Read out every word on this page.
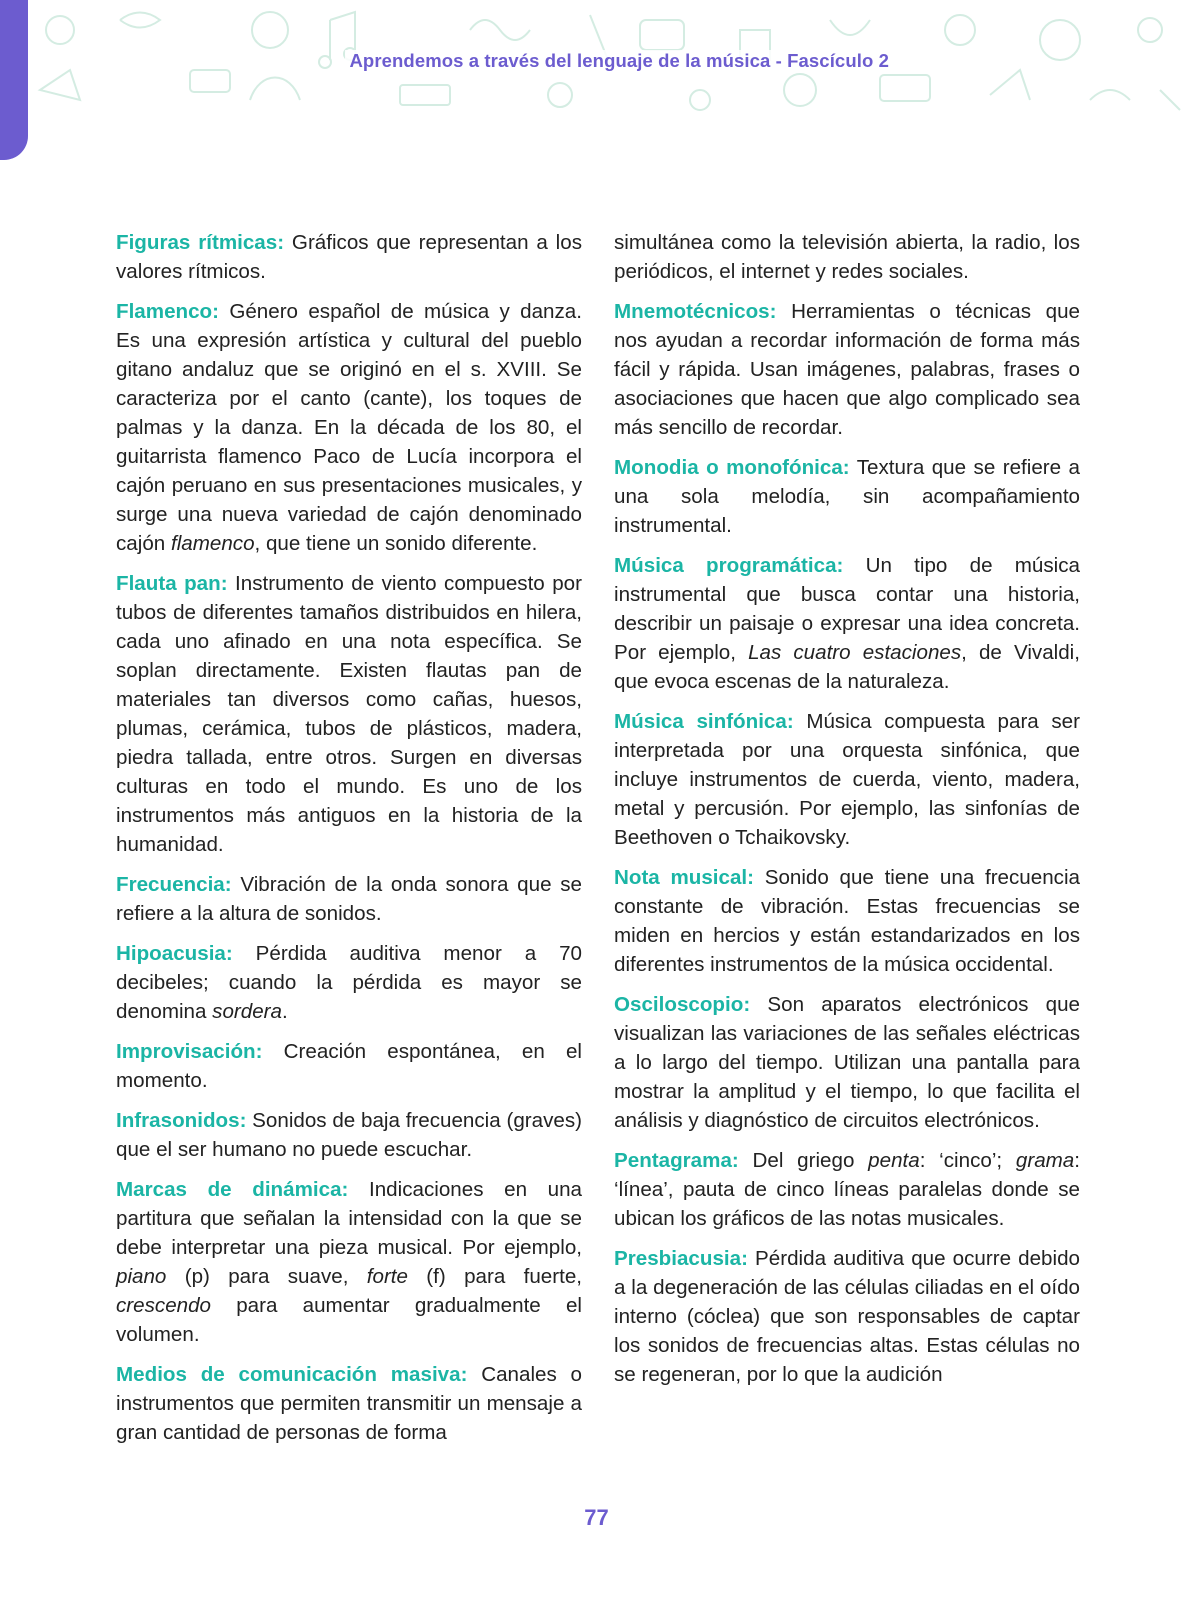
Aprendemos a través del lenguaje de la música - Fascículo 2

Figuras rítmicas: Gráficos que representan a los valores rítmicos.

Flamenco: Género español de música y danza. Es una expresión artística y cultural del pueblo gitano andaluz que se originó en el s. XVIII. Se caracteriza por el canto (cante), los toques de palmas y la danza. En la década de los 80, el guitarrista flamenco Paco de Lucía incorpora el cajón peruano en sus presentaciones musicales, y surge una nueva variedad de cajón denominado cajón flamenco, que tiene un sonido diferente.

Flauta pan: Instrumento de viento compuesto por tubos de diferentes tamaños distribuidos en hilera, cada uno afinado en una nota específica. Se soplan directamente. Existen flautas pan de materiales tan diversos como cañas, huesos, plumas, cerámica, tubos de plásticos, madera, piedra tallada, entre otros. Surgen en diversas culturas en todo el mundo. Es uno de los instrumentos más antiguos en la historia de la humanidad.

Frecuencia: Vibración de la onda sonora que se refiere a la altura de sonidos.

Hipoacusia: Pérdida auditiva menor a 70 decibeles; cuando la pérdida es mayor se denomina sordera.

Improvisación: Creación espontánea, en el momento.

Infrasonidos: Sonidos de baja frecuencia (graves) que el ser humano no puede escuchar.

Marcas de dinámica: Indicaciones en una partitura que señalan la intensidad con la que se debe interpretar una pieza musical. Por ejemplo, piano (p) para suave, forte (f) para fuerte, crescendo para aumentar gradualmente el volumen.

Medios de comunicación masiva: Canales o instrumentos que permiten transmitir un mensaje a gran cantidad de personas de forma

simultánea como la televisión abierta, la radio, los periódicos, el internet y redes sociales.

Mnemotécnicos: Herramientas o técnicas que nos ayudan a recordar información de forma más fácil y rápida. Usan imágenes, palabras, frases o asociaciones que hacen que algo complicado sea más sencillo de recordar.

Monodia o monofónica: Textura que se refiere a una sola melodía, sin acompañamiento instrumental.

Música programática: Un tipo de música instrumental que busca contar una historia, describir un paisaje o expresar una idea concreta. Por ejemplo, Las cuatro estaciones, de Vivaldi, que evoca escenas de la naturaleza.

Música sinfónica: Música compuesta para ser interpretada por una orquesta sinfónica, que incluye instrumentos de cuerda, viento, madera, metal y percusión. Por ejemplo, las sinfonías de Beethoven o Tchaikovsky.

Nota musical: Sonido que tiene una frecuencia constante de vibración. Estas frecuencias se miden en hercios y están estandarizados en los diferentes instrumentos de la música occidental.

Osciloscopio: Son aparatos electrónicos que visualizan las variaciones de las señales eléctricas a lo largo del tiempo. Utilizan una pantalla para mostrar la amplitud y el tiempo, lo que facilita el análisis y diagnóstico de circuitos electrónicos.

Pentagrama: Del griego penta: ‘cinco’; grama: ‘línea’, pauta de cinco líneas paralelas donde se ubican los gráficos de las notas musicales.

Presbiacusia: Pérdida auditiva que ocurre debido a la degeneración de las células ciliadas en el oído interno (cóclea) que son responsables de captar los sonidos de frecuencias altas. Estas células no se regeneran, por lo que la audición

77
